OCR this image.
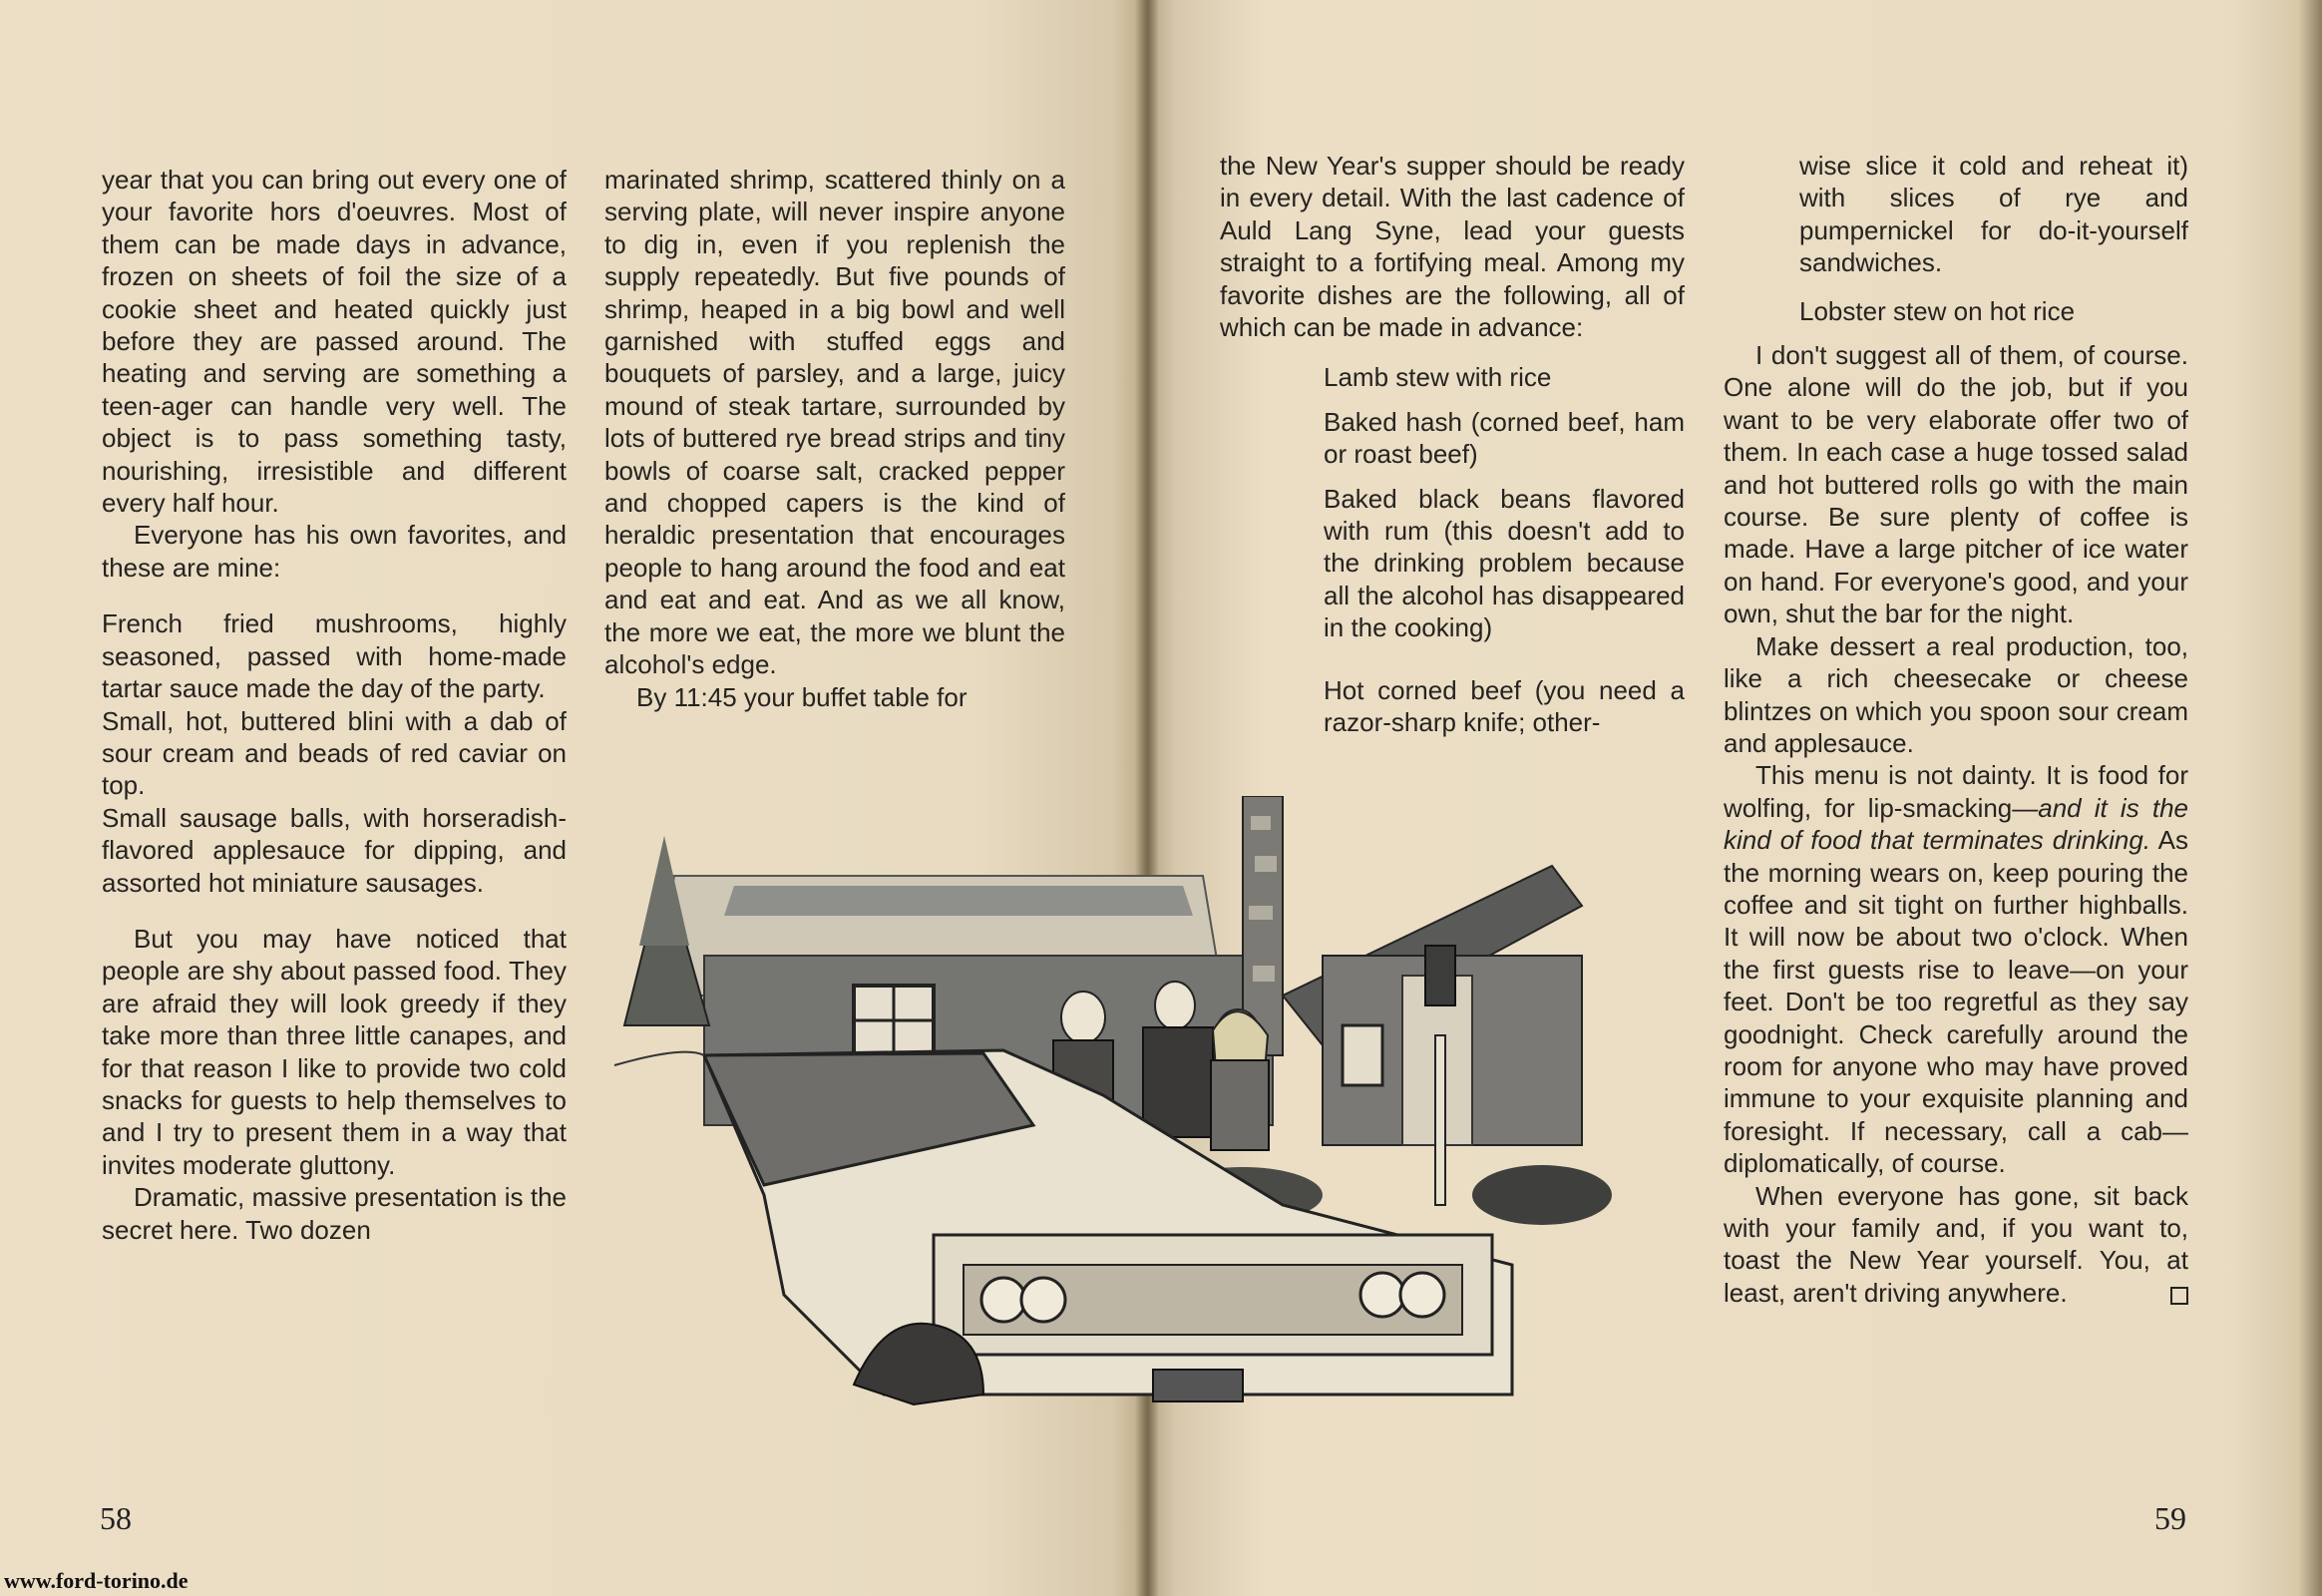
year that you can bring out every one of your favorite hors d'oeuvres. Most of them can be made days in advance, frozen on sheets of foil the size of a cookie sheet and heated quickly just before they are passed around. The heating and serving are something a teen-ager can handle very well. The object is to pass something tasty, nourishing, irresistible and different every half hour.

Everyone has his own favorites, and these are mine:

French fried mushrooms, highly seasoned, passed with home-made tartar sauce made the day of the party.

Small, hot, buttered blini with a dab of sour cream and beads of red caviar on top.

Small sausage balls, with horseradish-flavored applesauce for dipping, and assorted hot miniature sausages.

But you may have noticed that people are shy about passed food. They are afraid they will look greedy if they take more than three little canapes, and for that reason I like to provide two cold snacks for guests to help themselves to and I try to present them in a way that invites moderate gluttony.

Dramatic, massive presentation is the secret here. Two dozen

marinated shrimp, scattered thinly on a serving plate, will never inspire anyone to dig in, even if you replenish the supply repeatedly. But five pounds of shrimp, heaped in a big bowl and well garnished with stuffed eggs and bouquets of parsley, and a large, juicy mound of steak tartare, surrounded by lots of buttered rye bread strips and tiny bowls of coarse salt, cracked pepper and chopped capers is the kind of heraldic presentation that encourages people to hang around the food and eat and eat and eat. And as we all know, the more we eat, the more we blunt the alcohol's edge.

By 11:45 your buffet table for

58
www.ford-torino.de

the New Year's supper should be ready in every detail. With the last cadence of Auld Lang Syne, lead your guests straight to a fortifying meal. Among my favorite dishes are the following, all of which can be made in advance:

Lamb stew with rice

Baked hash (corned beef, ham or roast beef)

Baked black beans flavored with rum (this doesn't add to the drinking problem because all the alcohol has disappeared in the cooking)

Hot corned beef (you need a razor-sharp knife; other-

wise slice it cold and reheat it) with slices of rye and pumpernickel for do-it-yourself sandwiches.

Lobster stew on hot rice

I don't suggest all of them, of course. One alone will do the job, but if you want to be very elaborate offer two of them. In each case a huge tossed salad and hot buttered rolls go with the main course. Be sure plenty of coffee is made. Have a large pitcher of ice water on hand. For everyone's good, and your own, shut the bar for the night.

Make dessert a real production, too, like a rich cheesecake or cheese blintzes on which you spoon sour cream and applesauce.

This menu is not dainty. It is food for wolfing, for lip-smacking—and it is the kind of food that terminates drinking. As the morning wears on, keep pouring the coffee and sit tight on further highballs. It will now be about two o'clock. When the first guests rise to leave—on your feet. Don't be too regretful as they say goodnight. Check carefully around the room for anyone who may have proved immune to your exquisite planning and foresight. If necessary, call a cab—diplomatically, of course.

When everyone has gone, sit back with your family and, if you want to, toast the New Year yourself. You, at least, aren't driving anywhere.

59
